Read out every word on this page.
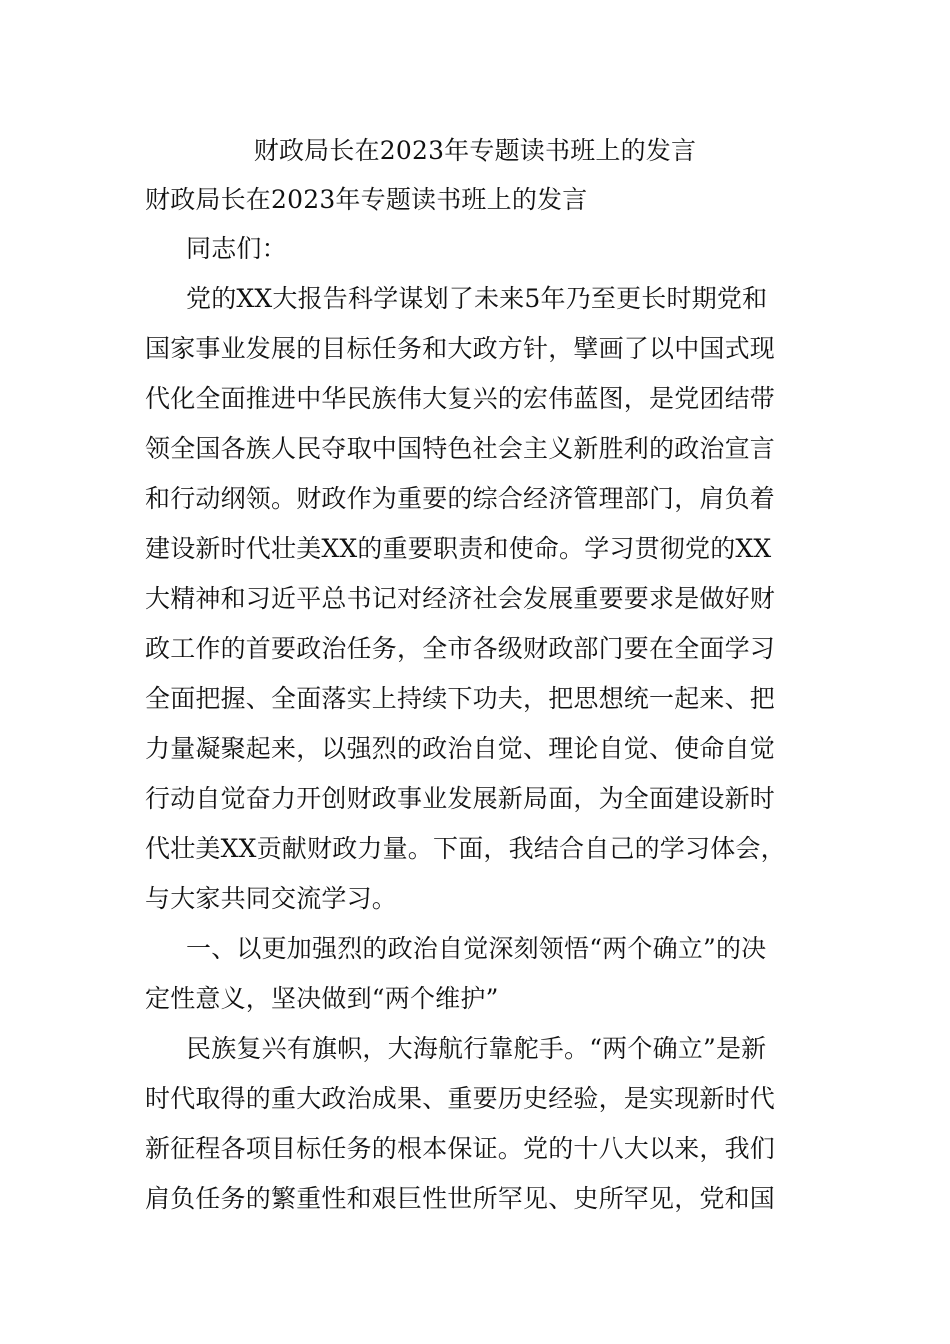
财政局长在2023年专题读书班上的发言
财政局长在2023年专题读书班上的发言
同志们：
党的XX大报告科学谋划了未来5年乃至更长时期党和
国家事业发展的目标任务和大政方针，擘画了以中国式现
代化全面推进中华民族伟大复兴的宏伟蓝图，是党团结带
领全国各族人民夺取中国特色社会主义新胜利的政治宣言
和行动纲领。财政作为重要的综合经济管理部门，肩负着
建设新时代壮美XX的重要职责和使命。学习贯彻党的XX
大精神和习近平总书记对经济社会发展重要要求是做好财
政工作的首要政治任务，全市各级财政部门要在全面学习
全面把握、全面落实上持续下功夫，把思想统一起来、把
力量凝聚起来，以强烈的政治自觉、理论自觉、使命自觉
行动自觉奋力开创财政事业发展新局面，为全面建设新时
代壮美XX贡献财政力量。下面，我结合自己的学习体会，
与大家共同交流学习。
一、以更加强烈的政治自觉深刻领悟“两个确立”的决
定性意义，坚决做到“两个维护”
民族复兴有旗帜，大海航行靠舵手。“两个确立”是新
时代取得的重大政治成果、重要历史经验，是实现新时代
新征程各项目标任务的根本保证。党的十八大以来，我们
肩负任务的繁重性和艰巨性世所罕见、史所罕见，党和国
